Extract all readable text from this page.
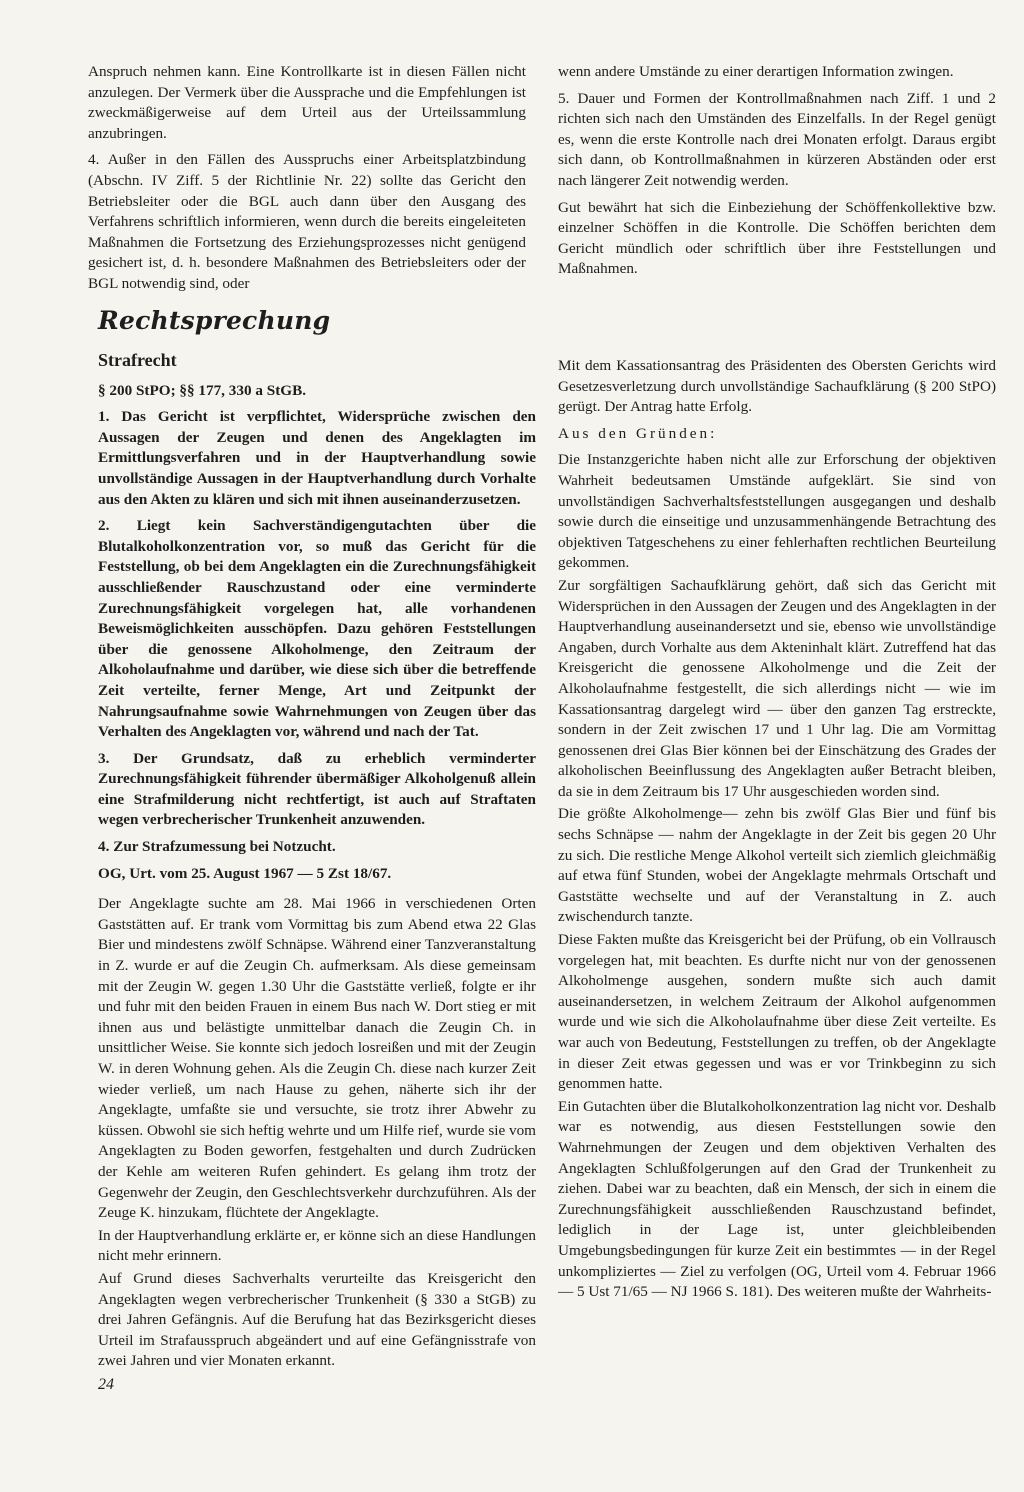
Anspruch nehmen kann. Eine Kontrollkarte ist in diesen Fällen nicht anzulegen. Der Vermerk über die Aussprache und die Empfehlungen ist zweckmäßigerweise auf dem Urteil aus der Urteilssammlung anzubringen.

4. Außer in den Fällen des Ausspruchs einer Arbeitsplatzbindung (Abschn. IV Ziff. 5 der Richtlinie Nr. 22) sollte das Gericht den Betriebsleiter oder die BGL auch dann über den Ausgang des Verfahrens schriftlich informieren, wenn durch die bereits eingeleiteten Maßnahmen die Fortsetzung des Erziehungsprozesses nicht genügend gesichert ist, d. h. besondere Maßnahmen des Betriebsleiters oder der BGL notwendig sind, oder

wenn andere Umstände zu einer derartigen Information zwingen.

5. Dauer und Formen der Kontrollmaßnahmen nach Ziff. 1 und 2 richten sich nach den Umständen des Einzelfalls. In der Regel genügt es, wenn die erste Kontrolle nach drei Monaten erfolgt. Daraus ergibt sich dann, ob Kontrollmaßnahmen in kürzeren Abständen oder erst nach längerer Zeit notwendig werden.

Gut bewährt hat sich die Einbeziehung der Schöffenkollektive bzw. einzelner Schöffen in die Kontrolle. Die Schöffen berichten dem Gericht mündlich oder schriftlich über ihre Feststellungen und Maßnahmen.

Rechtsprechung
Strafrecht

§ 200 StPO; §§ 177, 330 a StGB.

1. Das Gericht ist verpflichtet, Widersprüche zwischen den Aussagen der Zeugen und denen des Angeklagten im Ermittlungsverfahren und in der Hauptverhandlung sowie unvollständige Aussagen in der Hauptverhandlung durch Vorhalte aus den Akten zu klären und sich mit ihnen auseinanderzusetzen.

2. Liegt kein Sachverständigengutachten über die Blutalkoholkonzentration vor, so muß das Gericht für die Feststellung, ob bei dem Angeklagten ein die Zurechnungsfähigkeit ausschließender Rauschzustand oder eine verminderte Zurechnungsfähigkeit vorgelegen hat, alle vorhandenen Beweismöglichkeiten ausschöpfen. Dazu gehören Feststellungen über die genossene Alkoholmenge, den Zeitraum der Alkoholaufnahme und darüber, wie diese sich über die betreffende Zeit verteilte, ferner Menge, Art und Zeitpunkt der Nahrungsaufnahme sowie Wahrnehmungen von Zeugen über das Verhalten des Angeklagten vor, während und nach der Tat.

3. Der Grundsatz, daß zu erheblich verminderter Zurechnungsfähigkeit führender übermäßiger Alkoholgenuß allein eine Strafmilderung nicht rechtfertigt, ist auch auf Straftaten wegen verbrecherischer Trunkenheit anzuwenden.

4. Zur Strafzumessung bei Notzucht.

OG, Urt. vom 25. August 1967 — 5 Zst 18/67.

Der Angeklagte suchte am 28. Mai 1966 in verschiedenen Orten Gaststätten auf. Er trank vom Vormittag bis zum Abend etwa 22 Glas Bier und mindestens zwölf Schnäpse. Während einer Tanzveranstaltung in Z. wurde er auf die Zeugin Ch. aufmerksam. Als diese gemeinsam mit der Zeugin W. gegen 1.30 Uhr die Gaststätte verließ, folgte er ihr und fuhr mit den beiden Frauen in einem Bus nach W. Dort stieg er mit ihnen aus und belästigte unmittelbar danach die Zeugin Ch. in unsittlicher Weise. Sie konnte sich jedoch losreißen und mit der Zeugin W. in deren Wohnung gehen. Als die Zeugin Ch. diese nach kurzer Zeit wieder verließ, um nach Hause zu gehen, näherte sich ihr der Angeklagte, umfaßte sie und versuchte, sie trotz ihrer Abwehr zu küssen. Obwohl sie sich heftig wehrte und um Hilfe rief, wurde sie vom Angeklagten zu Boden geworfen, festgehalten und durch Zudrücken der Kehle am weiteren Rufen gehindert. Es gelang ihm trotz der Gegenwehr der Zeugin, den Geschlechtsverkehr durchzuführen. Als der Zeuge K. hinzukam, flüchtete der Angeklagte.

In der Hauptverhandlung erklärte er, er könne sich an diese Handlungen nicht mehr erinnern.

Auf Grund dieses Sachverhalts verurteilte das Kreisgericht den Angeklagten wegen verbrecherischer Trunkenheit (§ 330 a StGB) zu drei Jahren Gefängnis. Auf die Berufung hat das Bezirksgericht dieses Urteil im Strafausspruch abgeändert und auf eine Gefängnisstrafe von zwei Jahren und vier Monaten erkannt.

Mit dem Kassationsantrag des Präsidenten des Obersten Gerichts wird Gesetzesverletzung durch unvollständige Sachaufklärung (§ 200 StPO) gerügt. Der Antrag hatte Erfolg.

Aus den Gründen:

Die Instanzgerichte haben nicht alle zur Erforschung der objektiven Wahrheit bedeutsamen Umstände aufgeklärt. Sie sind von unvollständigen Sachverhaltsfeststellungen ausgegangen und deshalb sowie durch die einseitige und unzusammenhängende Betrachtung des objektiven Tatgeschehens zu einer fehlerhaften rechtlichen Beurteilung gekommen.

Zur sorgfältigen Sachaufklärung gehört, daß sich das Gericht mit Widersprüchen in den Aussagen der Zeugen und des Angeklagten in der Hauptverhandlung auseinandersetzt und sie, ebenso wie unvollständige Angaben, durch Vorhalte aus dem Akteninhalt klärt. Zutreffend hat das Kreisgericht die genossene Alkoholmenge und die Zeit der Alkoholaufnahme festgestellt, die sich allerdings nicht — wie im Kassationsantrag dargelegt wird — über den ganzen Tag erstreckte, sondern in der Zeit zwischen 17 und 1 Uhr lag. Die am Vormittag genossenen drei Glas Bier können bei der Einschätzung des Grades der alkoholischen Beeinflussung des Angeklagten außer Betracht bleiben, da sie in dem Zeitraum bis 17 Uhr ausgeschieden worden sind.

Die größte Alkoholmenge— zehn bis zwölf Glas Bier und fünf bis sechs Schnäpse — nahm der Angeklagte in der Zeit bis gegen 20 Uhr zu sich. Die restliche Menge Alkohol verteilt sich ziemlich gleichmäßig auf etwa fünf Stunden, wobei der Angeklagte mehrmals Ortschaft und Gaststätte wechselte und auf der Veranstaltung in Z. auch zwischendurch tanzte.

Diese Fakten mußte das Kreisgericht bei der Prüfung, ob ein Vollrausch vorgelegen hat, mit beachten. Es durfte nicht nur von der genossenen Alkoholmenge ausgehen, sondern mußte sich auch damit auseinandersetzen, in welchem Zeitraum der Alkohol aufgenommen wurde und wie sich die Alkoholaufnahme über diese Zeit verteilte. Es war auch von Bedeutung, Feststellungen zu treffen, ob der Angeklagte in dieser Zeit etwas gegessen und was er vor Trinkbeginn zu sich genommen hatte.

Ein Gutachten über die Blutalkoholkonzentration lag nicht vor. Deshalb war es notwendig, aus diesen Feststellungen sowie den Wahrnehmungen der Zeugen und dem objektiven Verhalten des Angeklagten Schlußfolgerungen auf den Grad der Trunkenheit zu ziehen. Dabei war zu beachten, daß ein Mensch, der sich in einem die Zurechnungsfähigkeit ausschließenden Rauschzustand befindet, lediglich in der Lage ist, unter gleichbleibenden Umgebungsbedingungen für kurze Zeit ein bestimmtes — in der Regel unkompliziertes — Ziel zu verfolgen (OG, Urteil vom 4. Februar 1966 — 5 Ust 71/65 — NJ 1966 S. 181). Des weiteren mußte der Wahrheits-

24
